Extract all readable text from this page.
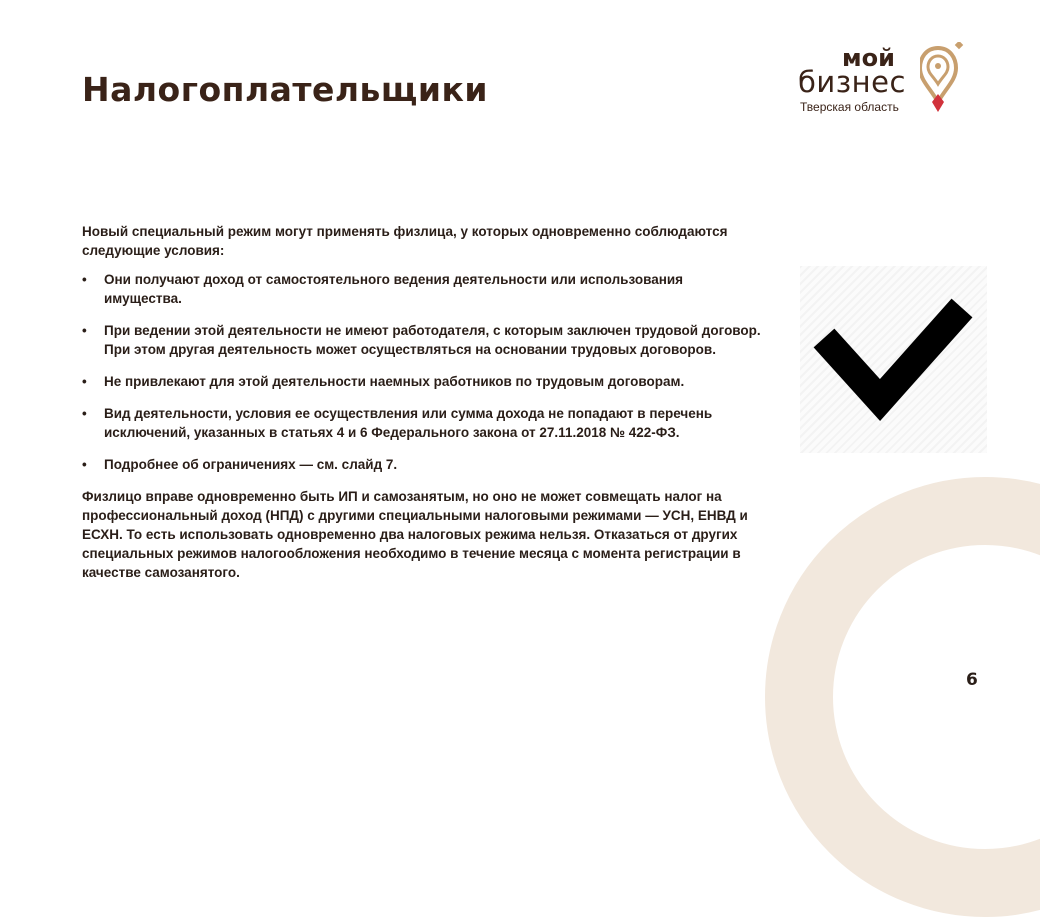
Налогоплательщики
мой
бизнес
Тверская область

Новый специальный режим могут применять физлица, у которых одновременно соблюдаются следующие условия:

• Они получают доход от самостоятельного ведения деятельности или использования имущества.
• При ведении этой деятельности не имеют работодателя, с которым заключен трудовой договор. При этом другая деятельность может осуществляться на основании трудовых договоров.
• Не привлекают для этой деятельности наемных работников по трудовым договорам.
• Вид деятельности, условия ее осуществления или сумма дохода не попадают в перечень исключений, указанных в статьях 4 и 6 Федерального закона от 27.11.2018 № 422-ФЗ.
• Подробнее об ограничениях — см. слайд 7.

Физлицо вправе одновременно быть ИП и самозанятым, но оно не может совмещать налог на профессиональный доход (НПД) с другими специальными налоговыми режимами — УСН, ЕНВД и ЕСХН. То есть использовать одновременно два налоговых режима нельзя. Отказаться от других специальных режимов налогообложения необходимо в течение месяца с момента регистрации в качестве самозанятого.

6
